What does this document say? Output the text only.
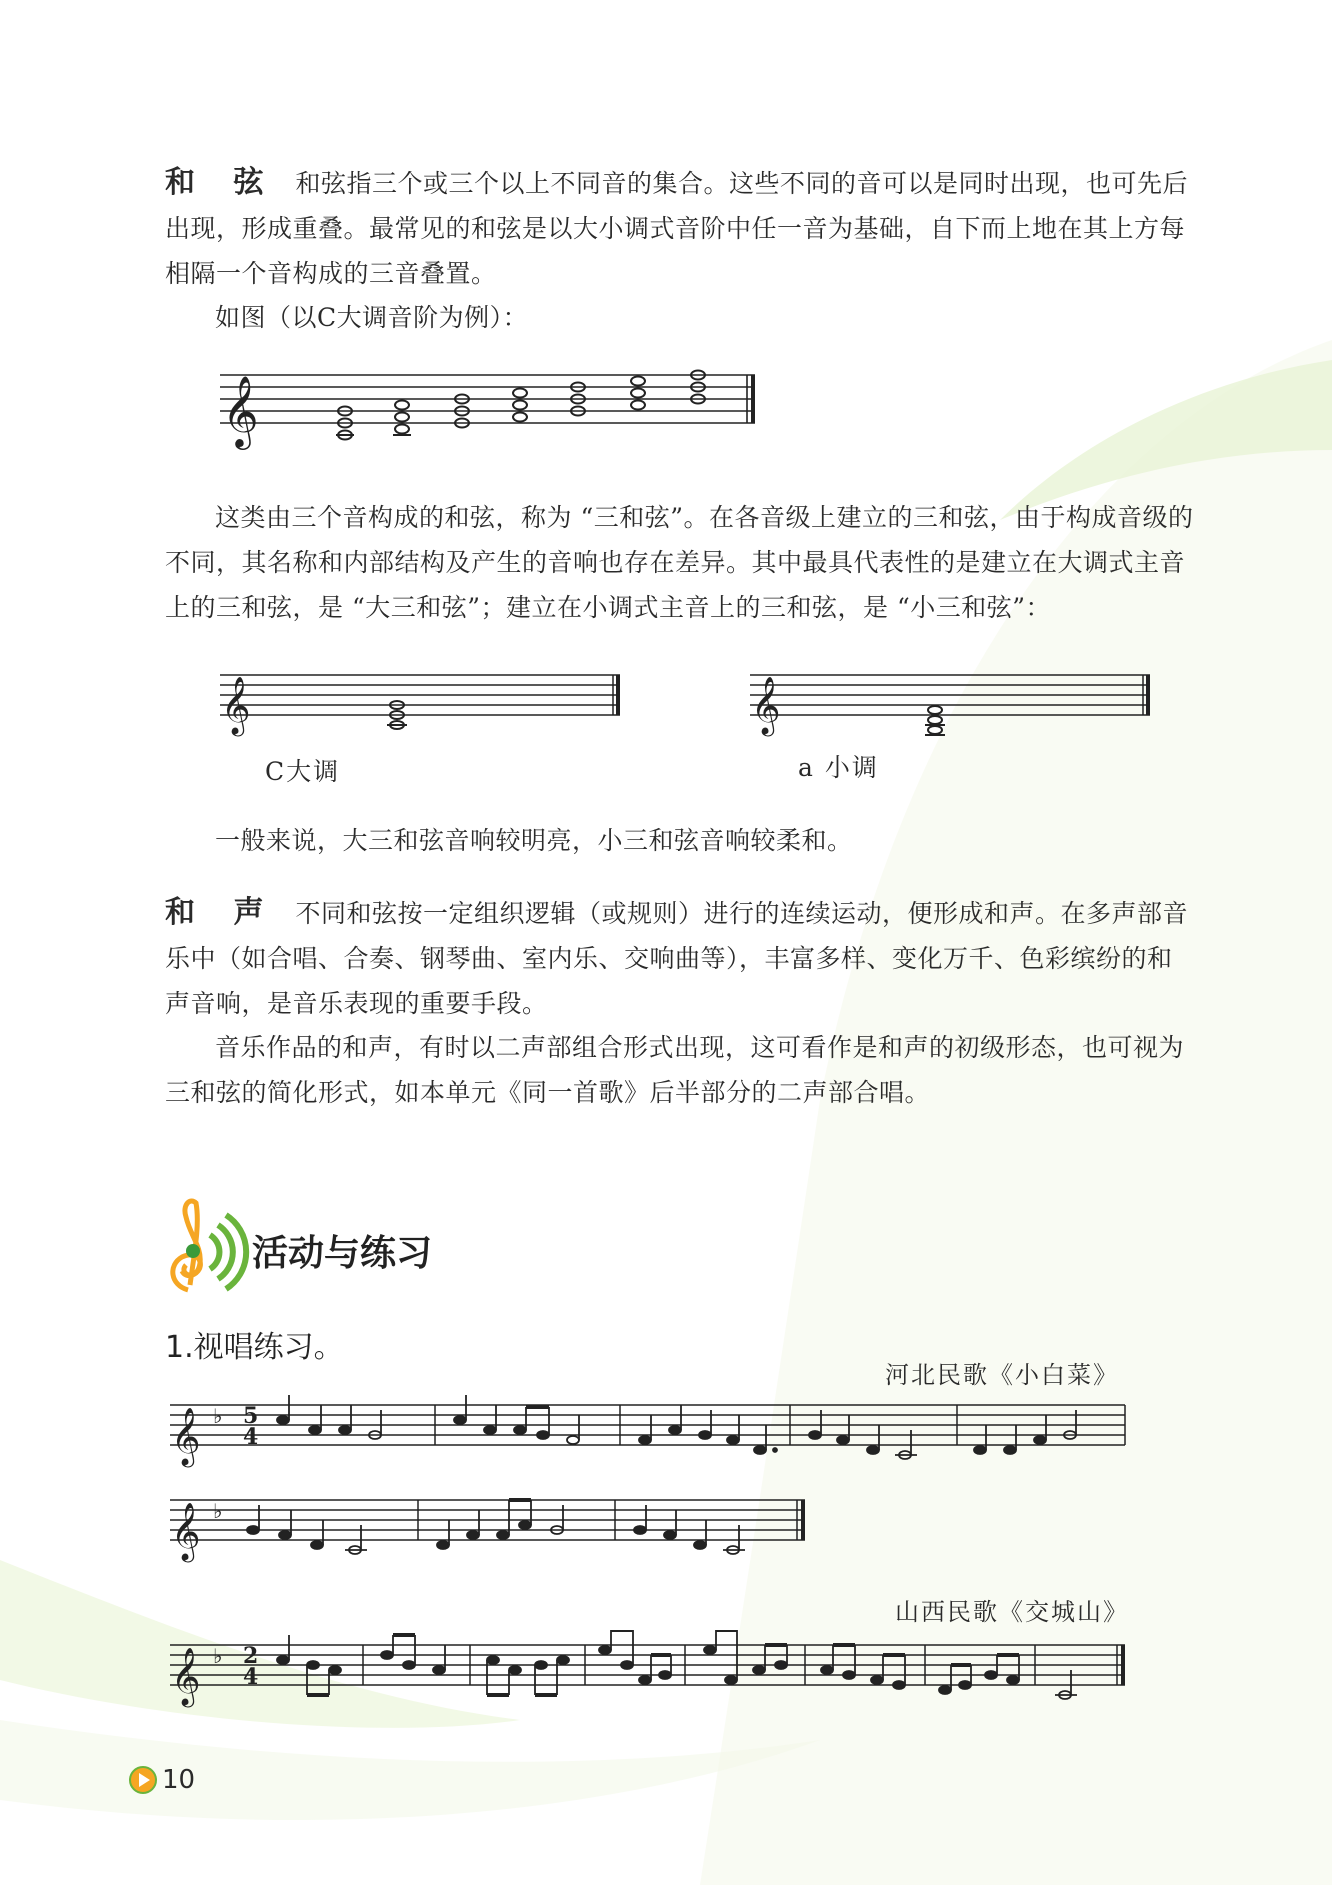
和 弦 和弦指三个或三个以上不同音的集合。这些不同的音可以是同时出现，也可先后出现，形成重叠。最常见的和弦是以大小调式音阶中任一音为基础，自下而上地在其上方每相隔一个音构成的三音叠置。
如图（以C大调音阶为例）：
𝄞
这类由三个音构成的和弦，称为 “三和弦”。在各音级上建立的三和弦，由于构成音级的不同，其名称和内部结构及产生的音响也存在差异。其中最具代表性的是建立在大调式主音上的三和弦，是 “大三和弦”；建立在小调式主音上的三和弦，是 “小三和弦”：
𝄞
C大调
𝄞
a 小调
一般来说，大三和弦音响较明亮，小三和弦音响较柔和。
和 声 不同和弦按一定组织逻辑（或规则）进行的连续运动，便形成和声。在多声部音乐中（如合唱、合奏、钢琴曲、室内乐、交响曲等），丰富多样、变化万千、色彩缤纷的和声音响，是音乐表现的重要手段。
音乐作品的和声，有时以二声部组合形式出现，这可看作是和声的初级形态，也可视为三和弦的简化形式，如本单元《同一首歌》后半部分的二声部合唱。
活动与练习
1.视唱练习。
河北民歌《小白菜》
𝄞 ♭ 5
4
𝄞 ♭
山西民歌《交城山》
𝄞 ♭ 2
4
10
